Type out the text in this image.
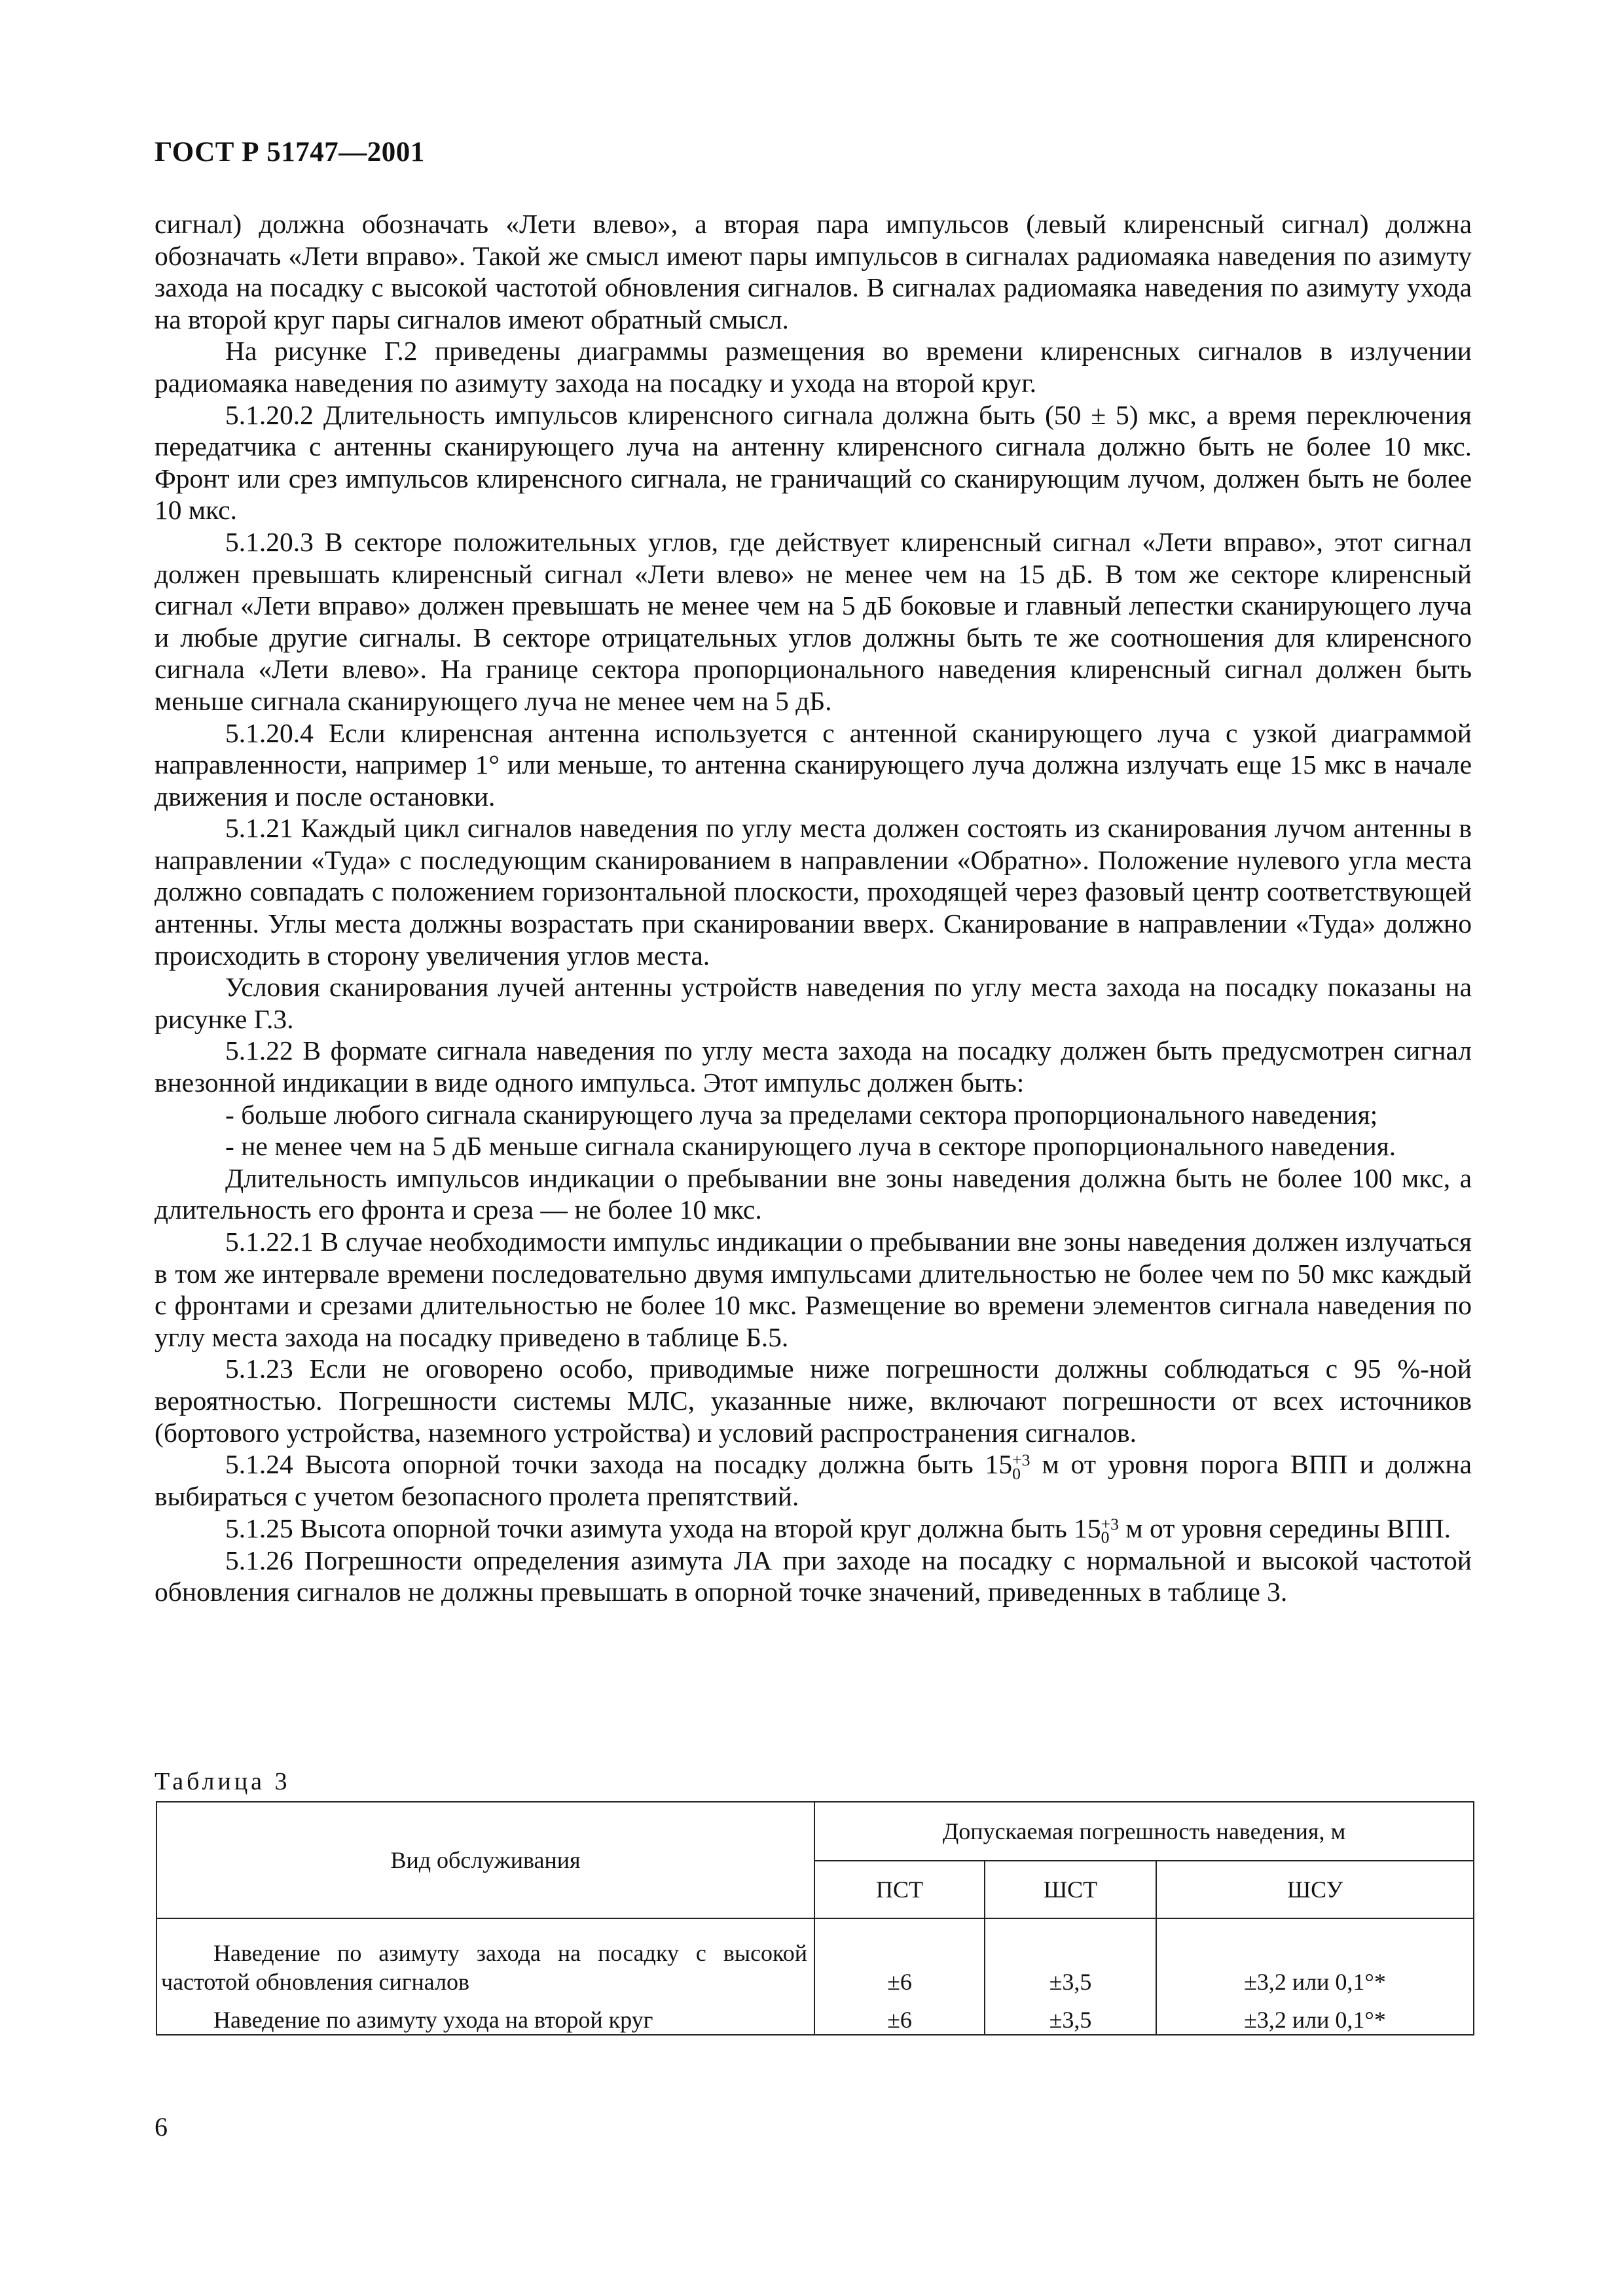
ГОСТ Р 51747—2001

сигнал) должна обозначать «Лети влево», а вторая пара импульсов (левый клиренсный сигнал) должна обозначать «Лети вправо». Такой же смысл имеют пары импульсов в сигналах радиомаяка наведения по азимуту захода на посадку с высокой частотой обновления сигналов. В сигналах радиомаяка наведения по азимуту ухода на второй круг пары сигналов имеют обратный смысл.

На рисунке Г.2 приведены диаграммы размещения во времени клиренсных сигналов в излучении радиомаяка наведения по азимуту захода на посадку и ухода на второй круг.

5.1.20.2 Длительность импульсов клиренсного сигнала должна быть (50 ± 5) мкс, а время переключения передатчика с антенны сканирующего луча на антенну клиренсного сигнала должно быть не более 10 мкс. Фронт или срез импульсов клиренсного сигнала, не граничащий со сканирующим лучом, должен быть не более 10 мкс.

5.1.20.3 В секторе положительных углов, где действует клиренсный сигнал «Лети вправо», этот сигнал должен превышать клиренсный сигнал «Лети влево» не менее чем на 15 дБ. В том же секторе клиренсный сигнал «Лети вправо» должен превышать не менее чем на 5 дБ боковые и главный лепестки сканирующего луча и любые другие сигналы. В секторе отрицательных углов должны быть те же соотношения для клиренсного сигнала «Лети влево». На границе сектора пропорционального наведения клиренсный сигнал должен быть меньше сигнала сканирующего луча не менее чем на 5 дБ.

5.1.20.4 Если клиренсная антенна используется с антенной сканирующего луча с узкой диаграммой направленности, например 1° или меньше, то антенна сканирующего луча должна излучать еще 15 мкс в начале движения и после остановки.

5.1.21 Каждый цикл сигналов наведения по углу места должен состоять из сканирования лучом антенны в направлении «Туда» с последующим сканированием в направлении «Обратно». Положение нулевого угла места должно совпадать с положением горизонтальной плоскости, проходящей через фазовый центр соответствующей антенны. Углы места должны возрастать при сканировании вверх. Сканирование в направлении «Туда» должно происходить в сторону увеличения углов места.

Условия сканирования лучей антенны устройств наведения по углу места захода на посадку показаны на рисунке Г.3.

5.1.22 В формате сигнала наведения по углу места захода на посадку должен быть предусмотрен сигнал внезонной индикации в виде одного импульса. Этот импульс должен быть:

- больше любого сигнала сканирующего луча за пределами сектора пропорционального наведения;

- не менее чем на 5 дБ меньше сигнала сканирующего луча в секторе пропорционального наведения.

Длительность импульсов индикации о пребывании вне зоны наведения должна быть не более 100 мкс, а длительность его фронта и среза — не более 10 мкс.

5.1.22.1 В случае необходимости импульс индикации о пребывании вне зоны наведения должен излучаться в том же интервале времени последовательно двумя импульсами длительностью не более чем по 50 мкс каждый с фронтами и срезами длительностью не более 10 мкс. Размещение во времени элементов сигнала наведения по углу места захода на посадку приведено в таблице Б.5.

5.1.23 Если не оговорено особо, приводимые ниже погрешности должны соблюдаться с 95 %-ной вероятностью. Погрешности системы МЛС, указанные ниже, включают погрешности от всех источников (бортового устройства, наземного устройства) и условий распространения сигналов.

5.1.24 Высота опорной точки захода на посадку должна быть 15+3
0 м от уровня порога ВПП и должна выбираться с учетом безопасного пролета препятствий.

5.1.25 Высота опорной точки азимута ухода на второй круг должна быть 15+3
0 м от уровня середины ВПП.

5.1.26 Погрешности определения азимута ЛА при заходе на посадку с нормальной и высокой частотой обновления сигналов не должны превышать в опорной точке значений, приведенных в таблице 3.

Таблица 3
Вид обслуживания	Допускаемая погрешность наведения, м		
	ПСТ	ШСТ	ШСУ
Наведение по азимуту захода на посадку с высокой частотой обновления сигналов	±6	±3,5	±3,2 или 0,1°*
Наведение по азимуту ухода на второй круг	±6	±3,5	±3,2 или 0,1°*
6
